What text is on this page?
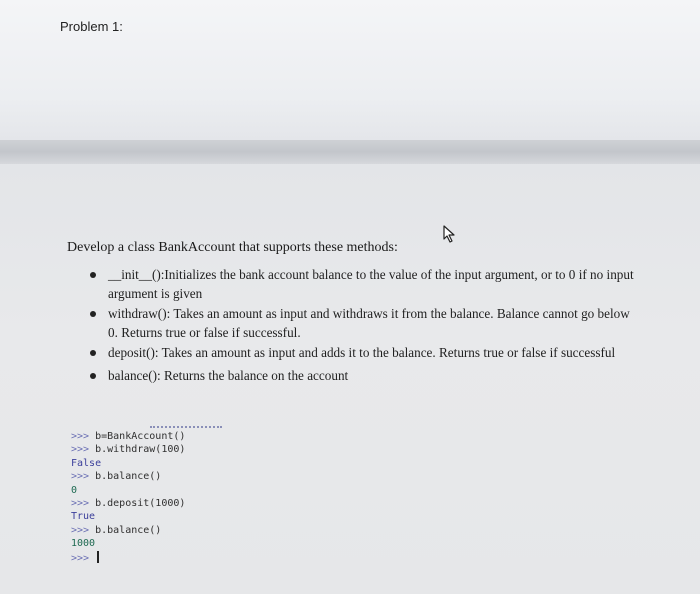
Problem 1:
Develop a class BankAccount that supports these methods:
__init__():Initializes the bank account balance to the value of the input argument, or to 0 if no input argument is given
withdraw(): Takes an amount as input and withdraws it from the balance. Balance cannot go below 0. Returns true or false if successful.
deposit(): Takes an amount as input and adds it to the balance. Returns true or false if successful
balance(): Returns the balance on the account
>>> b=BankAccount()
>>> b.withdraw(100)
False
>>> b.balance()
0
>>> b.deposit(1000)
True
>>> b.balance()
1000
>>>
